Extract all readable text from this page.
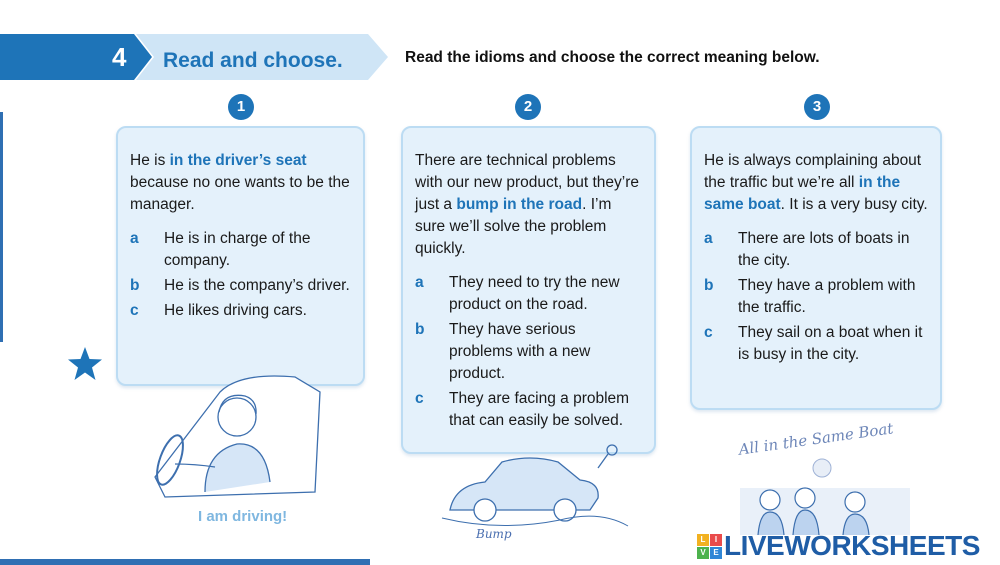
4 Read and choose.	Read the idioms and choose the correct meaning below.
1	2	3

He is in the driver’s seat because no one wants to be the manager.

a	He is in charge of the company.
b	He is the company’s driver.
c	He likes driving cars.

There are technical problems with our new product, but they’re just a bump in the road. I’m sure we’ll solve the problem quickly.

a	They need to try the new product on the road.
b	They have serious problems with a new product.
c	They are facing a problem that can easily be solved.

He is always complaining about the traffic but we’re all in the same boat. It is a very busy city.

a	There are lots of boats in the city.
b	They have a problem with the traffic.
c	They sail on a boat when it is busy in the city.
I am driving!
Bump
All in the Same Boat
L	I
V E LIVEWORKSHEETS
